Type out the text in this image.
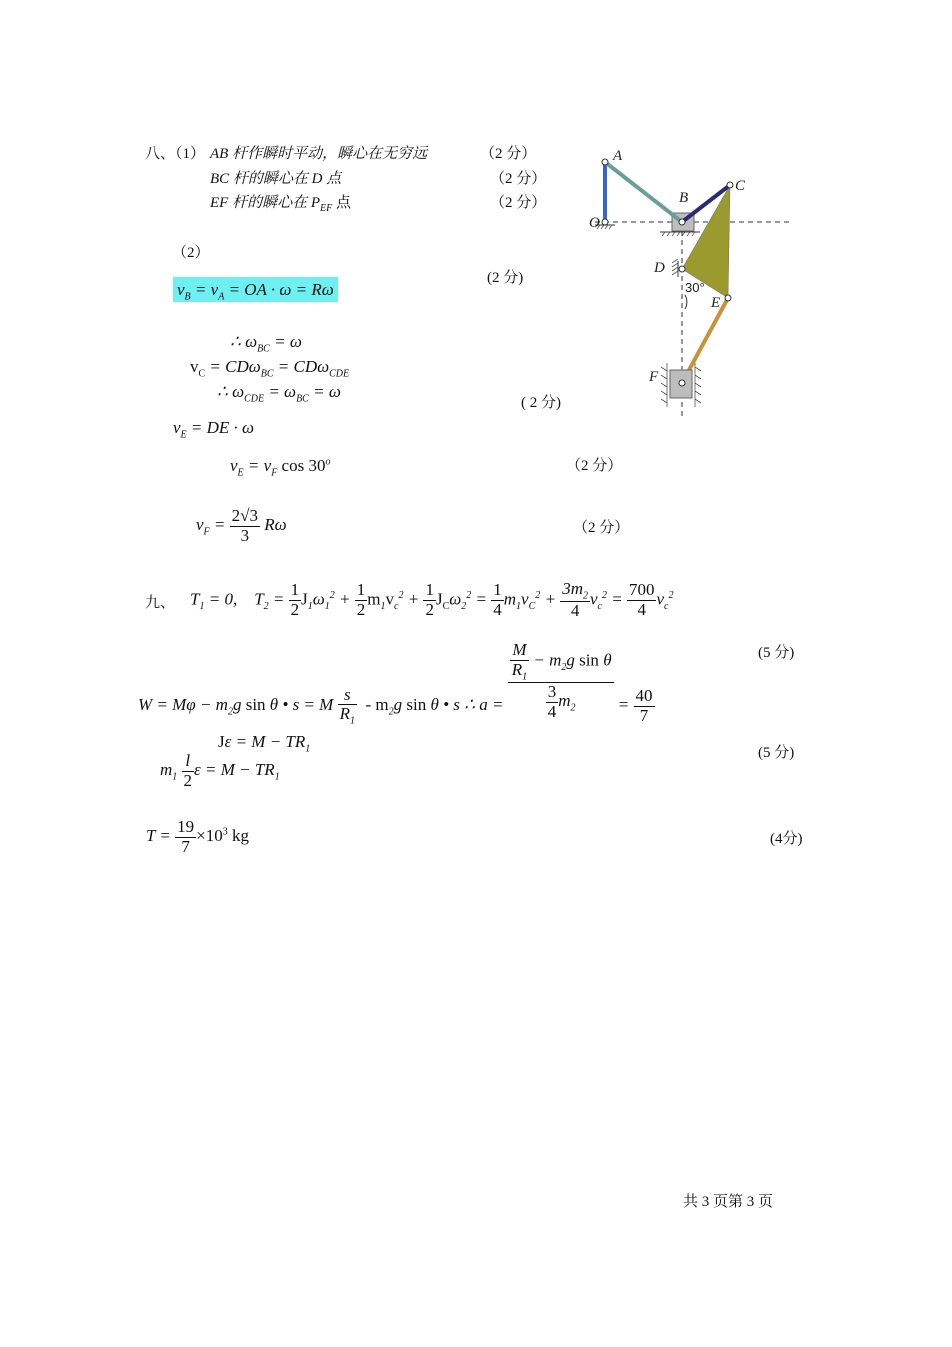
八、（1） AB 杆作瞬时平动，瞬心在无穷远	（2 分）
BC 杆的瞬心在 D 点	（2 分）
EF 杆的瞬心在 $P_{EF}$ 点	（2 分）
（2）
$v_B = v_A$ = OA · ω = Rω
(2 分)
∴ $\omega_{BC} = \omega$
$v_C = CD\omega_{BC} = CD\omega_{CDE}$
∴ $\omega_{CDE} = \omega_{BC} = \omega$
( 2 分)
$v_E$ = DE · ω
$v_E = v_F$ cos 30$^o$	（2 分）
$v_F = \frac{2√3}{3}$ Rω	（2 分）
A
B
C
O
D
E
F
30°
九、 $T_1 = 0$,    $T_2 = \frac{1}{2} J_1\omega_1^2 + \frac{1}{2} m_1v_c^2 + \frac{1}{2} J_C\omega_2^2 = \frac{1}{4} m_1v_C^2 + \frac{3m_2}{4} v_c^2 = \frac{700}{4} v_c^2$
$W = M\varphi - m_2g$ sin θ • s = M $\frac{s}{R_1} - m_2g$ sin θ • s ∴ $a = \frac{\frac{M}{R_1} - m_2g \sin \theta}{\frac{3}{4} m_2} = \frac{40}{7}$
(5 分)
$J\varepsilon = M - TR_1$
$m_1 \frac{l}{2}$ $\varepsilon = M - TR_1$
(5 分)
$T = \frac{19}{7} \times 10^3$ kg	(4分)
共 3 页第 3 页
